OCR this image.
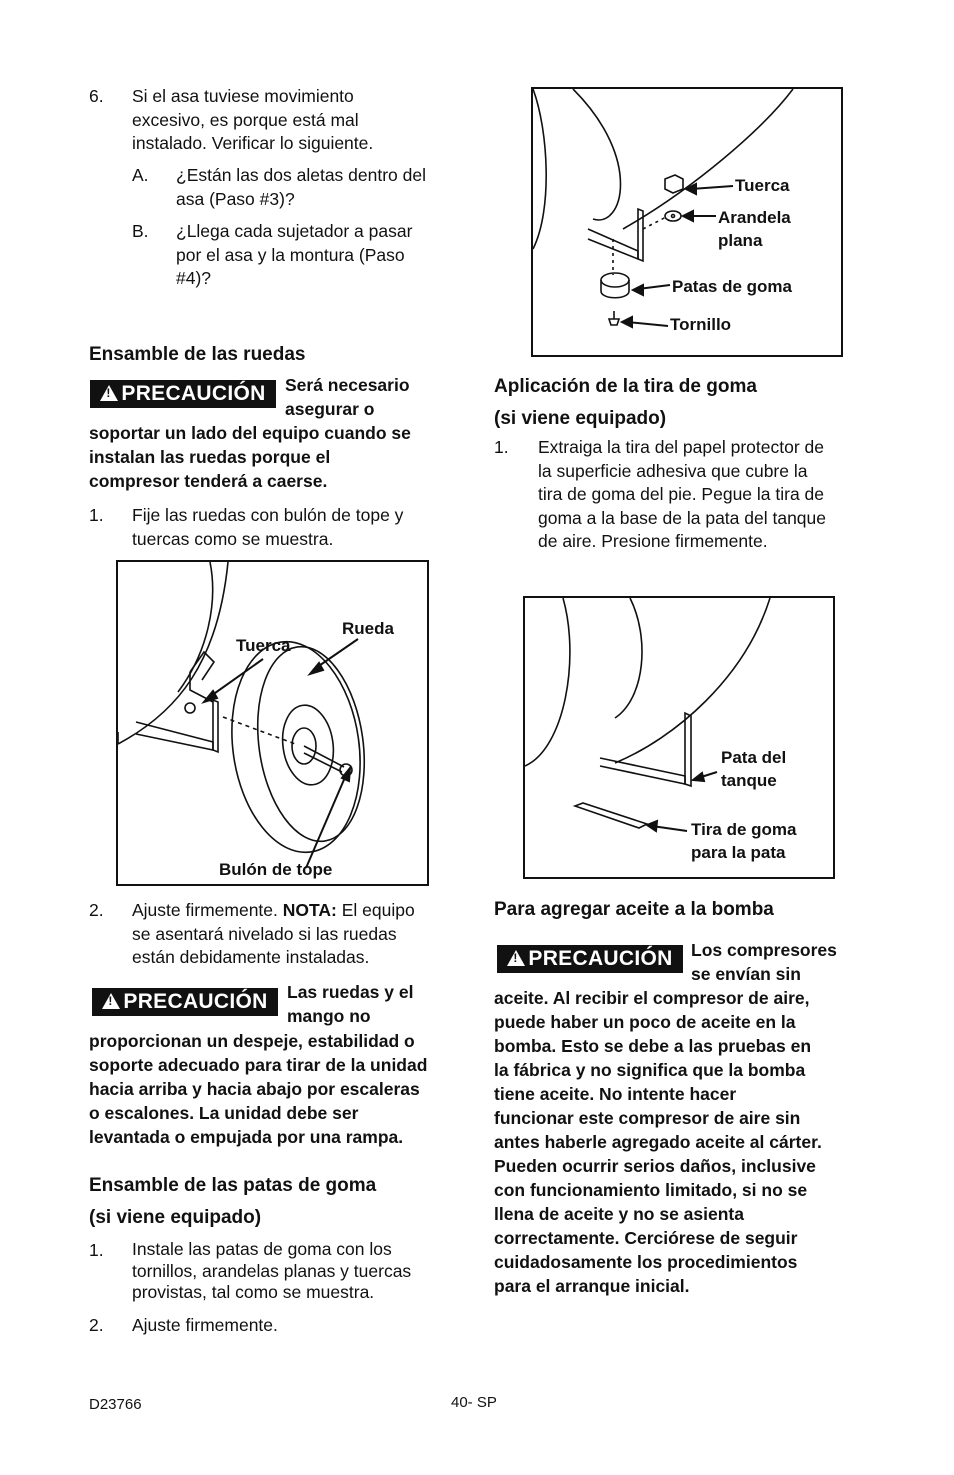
6. Si el asa tuviese movimiento
excesivo, es porque está mal
instalado. Verificar lo siguiente.
A. ¿Están las dos aletas dentro del
asa (Paso #3)?
B. ¿Llega cada sujetador a pasar
por el asa y la montura (Paso
#4)?
Ensamble de las ruedas
!
PRECAUCIÓN Será necesario
asegurar o
soportar un lado del equipo cuando se
instalan las ruedas porque el
compresor tenderá a caerse.
1. Fije las ruedas con bulón de tope y
tuercas como se muestra.
Rueda
Tuerca
Bulón de tope
2. Ajuste firmemente. NOTA: El equipo
se asentará nivelado si las ruedas
están debidamente instaladas.
!
PRECAUCIÓN Las ruedas y el
mango no
proporcionan un despeje, estabilidad o
soporte adecuado para tirar de la unidad
hacia arriba y hacia abajo por escaleras
o escalones. La unidad debe ser
levantada o empujada por una rampa.
Ensamble de las patas de goma
(si viene equipado)
1. Instale las patas de goma con los
tornillos, arandelas planas y tuercas
provistas, tal como se muestra.
2. Ajuste firmemente.
Tuerca
Arandela
plana
Patas de goma
Tornillo
Aplicación de la tira de goma
(si viene equipado)
1. Extraiga la tira del papel protector de
la superficie adhesiva que cubre la
tira de goma del pie. Pegue la tira de
goma a la base de la pata del tanque
de aire. Presione firmemente.
Pata del
tanque
Tira de goma
para la pata
Para agregar aceite a la bomba
!
PRECAUCIÓN Los compresores
se envían sin
aceite. Al recibir el compresor de aire,
puede haber un poco de aceite en la
bomba. Esto se debe a las pruebas en
la fábrica y no significa que la bomba
tiene aceite. No intente hacer
funcionar este compresor de aire sin
antes haberle agregado aceite al cárter.
Pueden ocurrir serios daños, inclusive
con funcionamiento limitado, si no se
llena de aceite y no se asienta
correctamente. Cerciórese de seguir
cuidadosamente los procedimientos
para el arranque inicial.
D23766	40- SP
